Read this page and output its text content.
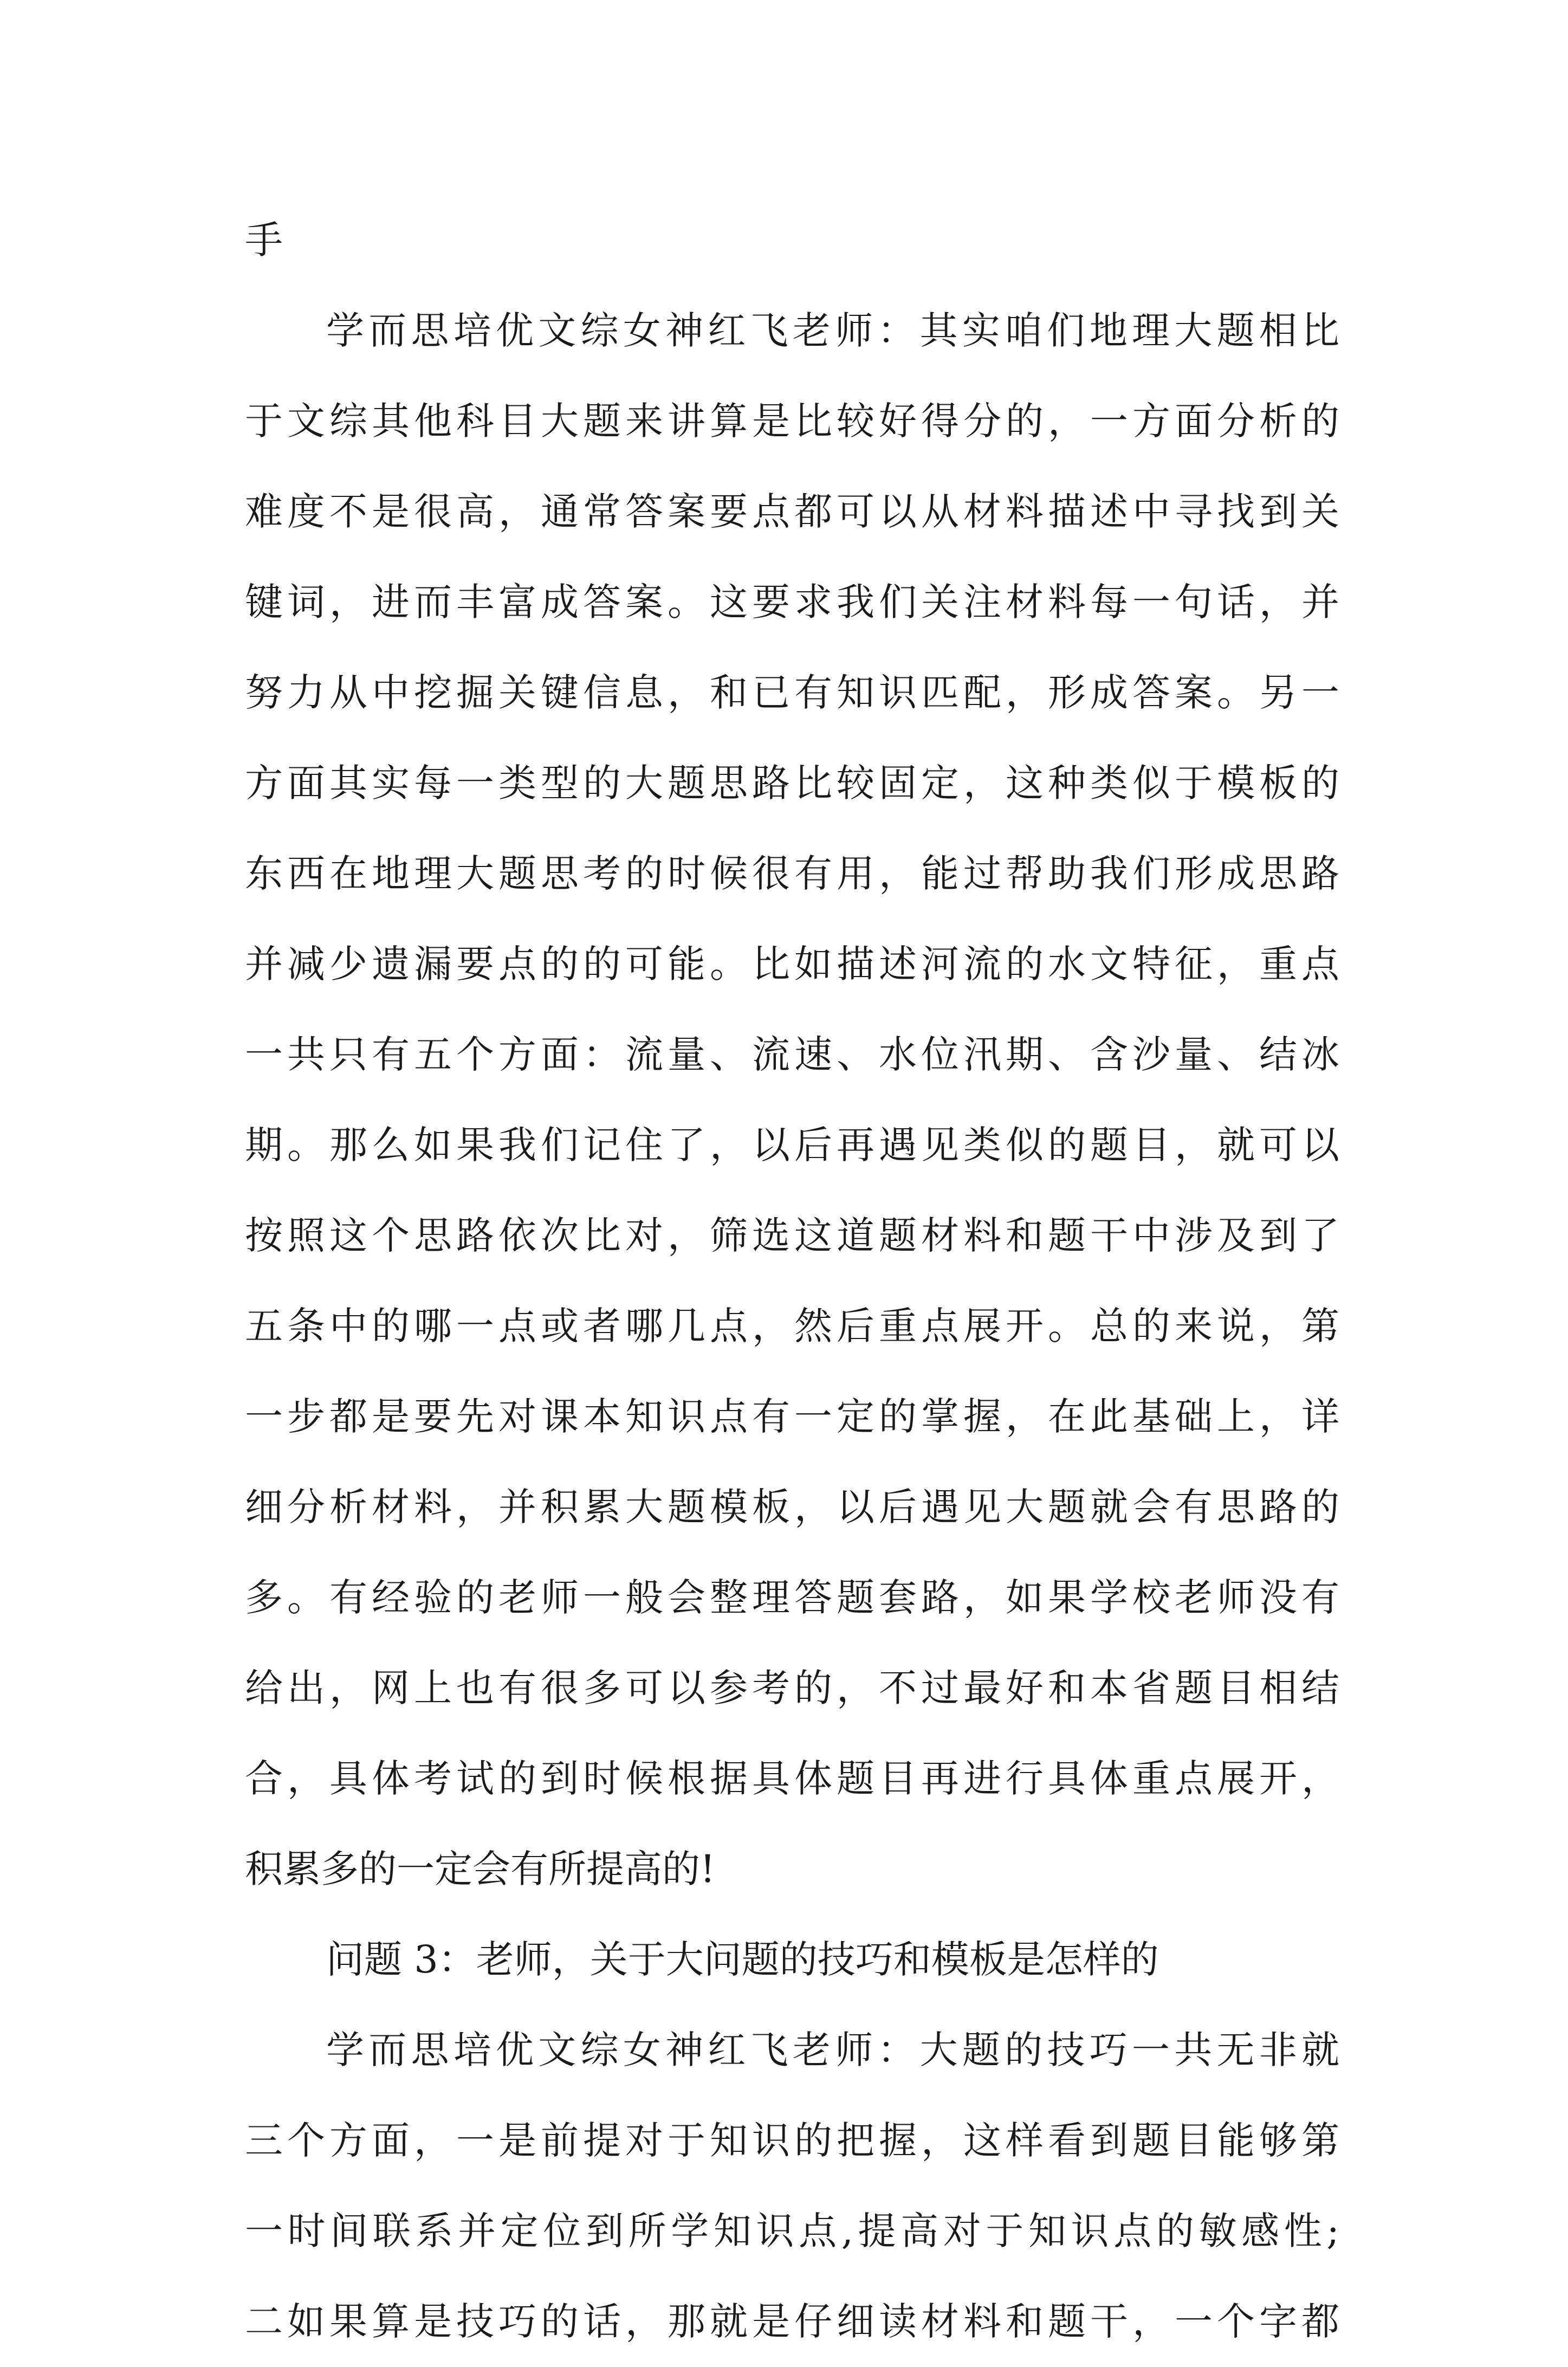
手
学而思培优文综女神红飞老师：其实咱们地理大题相比
于文综其他科目大题来讲算是比较好得分的，一方面分析的
难度不是很高，通常答案要点都可以从材料描述中寻找到关
键词，进而丰富成答案。这要求我们关注材料每一句话，并
努力从中挖掘关键信息，和已有知识匹配，形成答案。另一
方面其实每一类型的大题思路比较固定，这种类似于模板的
东西在地理大题思考的时候很有用，能过帮助我们形成思路
并减少遗漏要点的的可能。比如描述河流的水文特征，重点
一共只有五个方面：流量、流速、水位汛期、含沙量、结冰
期。那么如果我们记住了，以后再遇见类似的题目，就可以
按照这个思路依次比对，筛选这道题材料和题干中涉及到了
五条中的哪一点或者哪几点，然后重点展开。总的来说，第
一步都是要先对课本知识点有一定的掌握，在此基础上，详
细分析材料，并积累大题模板，以后遇见大题就会有思路的
多。有经验的老师一般会整理答题套路，如果学校老师没有
给出，网上也有很多可以参考的，不过最好和本省题目相结
合，具体考试的到时候根据具体题目再进行具体重点展开，
积累多的一定会有所提高的!
问题 3：老师，关于大问题的技巧和模板是怎样的
学而思培优文综女神红飞老师：大题的技巧一共无非就
三个方面，一是前提对于知识的把握，这样看到题目能够第
一时间联系并定位到所学知识点,提高对于知识点的敏感性;
二如果算是技巧的话，那就是仔细读材料和题干，一个字都
